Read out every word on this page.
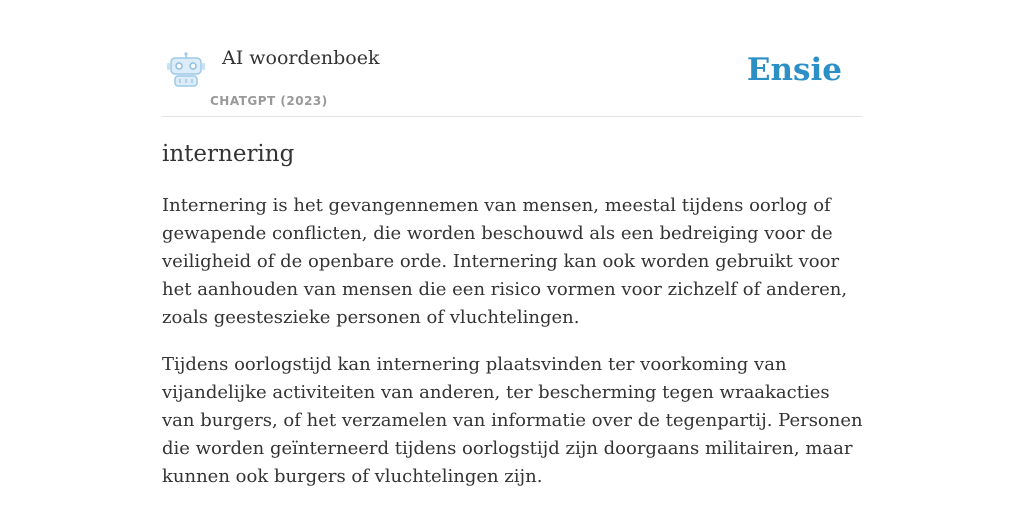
AI woordenboek
CHATGPT (2023)
Ensie
internering

Internering is het gevangennemen van mensen, meestal tijdens oorlog of gewapende conflicten, die worden beschouwd als een bedreiging voor de veiligheid of de openbare orde. Internering kan ook worden gebruikt voor het aanhouden van mensen die een risico vormen voor zichzelf of anderen, zoals geesteszieke personen of vluchtelingen.

Tijdens oorlogstijd kan internering plaatsvinden ter voorkoming van vijandelijke activiteiten van anderen, ter bescherming tegen wraakacties van burgers, of het verzamelen van informatie over de tegenpartij. Personen die worden geïnterneerd tijdens oorlogstijd zijn doorgaans militairen, maar kunnen ook burgers of vluchtelingen zijn.
